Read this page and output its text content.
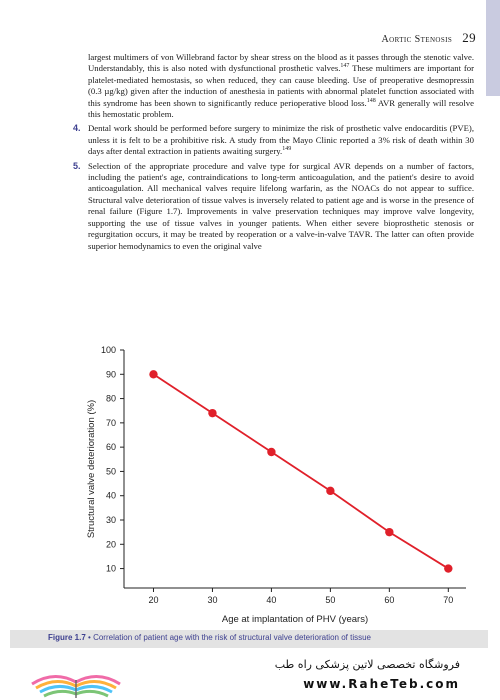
Aortic Stenosis 29

largest multimers of von Willebrand factor by shear stress on the blood as it passes through the stenotic valve. Understandably, this is also noted with dysfunctional prosthetic valves.$^{147}$ These multimers are important for platelet-mediated hemostasis, so when reduced, they can cause bleeding. Use of preoperative desmopressin (0.3 µg/kg) given after the induction of anesthesia in patients with abnormal platelet function associated with this syndrome has been shown to significantly reduce perioperative blood loss.$^{148}$ AVR generally will resolve this hemostatic problem.

4. Dental work should be performed before surgery to minimize the risk of prosthetic valve endocarditis (PVE), unless it is felt to be a prohibitive risk. A study from the Mayo Clinic reported a 3% risk of death within 30 days after dental extraction in patients awaiting surgery.$^{149}$

5. Selection of the appropriate procedure and valve type for surgical AVR depends on a number of factors, including the patient's age, contraindications to long-term anticoagulation, and the patient's desire to avoid anticoagulation. All mechanical valves require lifelong warfarin, as the NOACs do not appear to suffice. Structural valve deterioration of tissue valves is inversely related to patient age and is worse in the presence of renal failure (Figure 1.7). Improvements in valve preservation techniques may improve valve longevity, supporting the use of tissue valves in younger patients. When either severe bioprosthetic stenosis or regurgitation occurs, it may be treated by reoperation or a valve-in-valve TAVR. The latter can often provide superior hemodynamics to even the original valve

10
20
30
40
50
60
70
80
90
100
20	30	40	50	60	70
Age at implantation of PHV (years)
Structural valve deterioration (%)
Figure 1.7 • Correlation of patient age with the risk of structural valve deterioration of tissue
فروشگاه تخصصی لاتین پزشکی راه طب
www.RaheTeb.com
